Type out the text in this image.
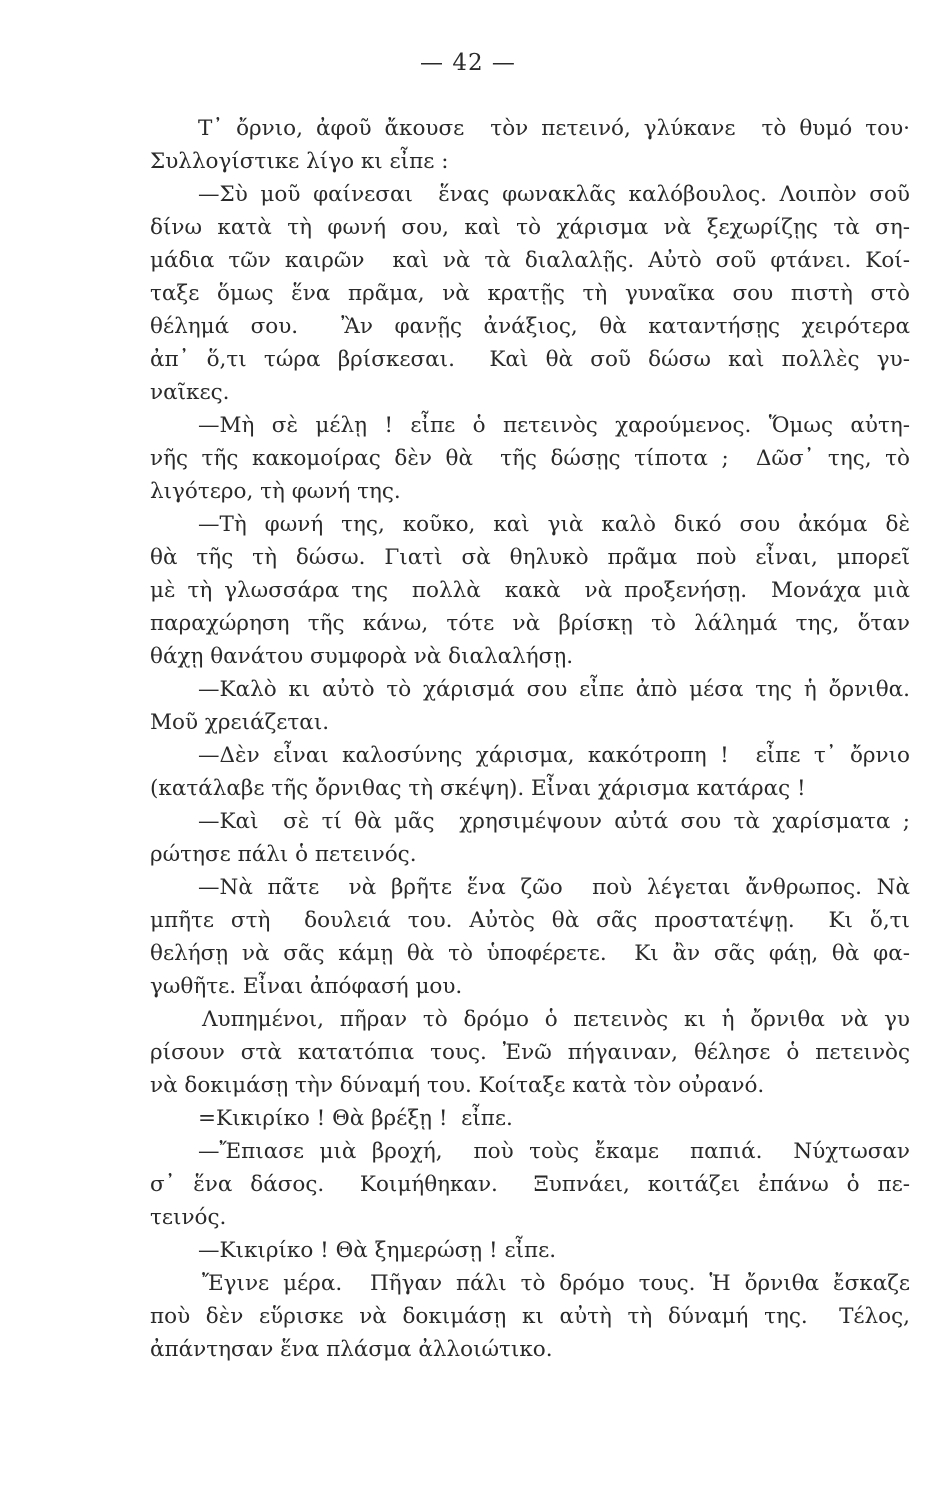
— 42 —
Τ᾿ ὄρνιο, ἀφοῦ ἄκουσε  τὸν πετεινό, γλύκανε  τὸ θυμό του·
Συλλογίστικε λίγο κι εἶπε :
—Σὺ μοῦ φαίνεσαι  ἕνας φωνακλᾶς καλόβουλος. Λοιπὸν σοῦ
δίνω κατὰ τὴ φωνή σου, καὶ τὸ χάρισμα νὰ ξεχωρίζῃς τὰ ση-
μάδια τῶν καιρῶν  καὶ νὰ τὰ διαλαλῇς. Αὐτὸ σοῦ φτάνει. Κοί-
ταξε ὅμως ἕνα πρᾶμα, νὰ κρατῇς τὴ γυναῖκα σου πιστὴ στὸ
θέλημά σου.  Ἂν φανῇς ἀνάξιος, θὰ καταντήσῃς χειρότερα
ἀπ᾿ ὅ,τι τώρα βρίσκεσαι.  Καὶ θὰ σοῦ δώσω καὶ πολλὲς γυ-
ναῖκες.
—Μὴ σὲ μέλῃ ! εἶπε ὁ πετεινὸς χαρούμενος. Ὅμως αὐτη-
νῆς τῆς κακομοίρας δὲν θὰ  τῆς δώσῃς τίποτα ;  Δῶσ᾿ της, τὸ
λιγότερο, τὴ φωνή της.
—Τὴ φωνή της, κοῦκο, καὶ γιὰ καλὸ δικό σου ἀκόμα δὲ
θὰ τῆς τὴ δώσω. Γιατὶ σὰ θηλυκὸ πρᾶμα ποὺ εἶναι, μπορεῖ
μὲ τὴ γλωσσάρα της  πολλὰ  κακὰ  νὰ προξενήσῃ.  Μονάχα μιὰ
παραχώρηση τῆς κάνω, τότε νὰ βρίσκῃ τὸ λάλημά της, ὅταν
θάχῃ θανάτου συμφορὰ νὰ διαλαλήσῃ.
—Καλὸ κι αὐτὸ τὸ χάρισμά σου εἶπε ἀπὸ μέσα της ἡ ὄρνιθα.
Μοῦ χρειάζεται.
—Δὲν εἶναι καλοσύνης χάρισμα, κακότροπη !  εἶπε τ᾿ ὄρνιο
(κατάλαβε τῆς ὄρνιθας τὴ σκέψη). Εἶναι χάρισμα κατάρας !
—Καὶ  σὲ τί θὰ μᾶς  χρησιμέψουν αὐτά σου τὰ χαρίσματα ;
ρώτησε πάλι ὁ πετεινός.
—Νὰ πᾶτε  νὰ βρῆτε ἕνα ζῶο  ποὺ λέγεται ἄνθρωπος. Νὰ
μπῆτε στὴ  δουλειά του. Αὐτὸς θὰ σᾶς προστατέψῃ.  Κι ὅ,τι
θελήσῃ νὰ σᾶς κάμῃ θὰ τὸ ὑποφέρετε.  Κι ἂν σᾶς φάῃ, θὰ φα-
γωθῆτε. Εἶναι ἀπόφασή μου.
Λυπημένοι, πῆραν τὸ δρόμο ὁ πετεινὸς κι ἡ ὄρνιθα νὰ γυ
ρίσουν στὰ κατατόπια τους. Ἐνῶ πήγαιναν, θέλησε ὁ πετεινὸς
νὰ δοκιμάσῃ τὴν δύναμή του. Κοίταξε κατὰ τὸν οὐρανό.
=Κικιρίκο ! Θὰ βρέξῃ !  εἶπε.
—Ἔπιασε μιὰ βροχή,  ποὺ τοὺς ἔκαμε  παπιά.  Νύχτωσαν
σ᾿ ἕνα δάσος.  Κοιμήθηκαν.  Ξυπνάει, κοιτάζει ἐπάνω ὁ πε-
τεινός.
—Κικιρίκο ! Θὰ ξημερώσῃ ! εἶπε.
Ἔγινε μέρα.  Πῆγαν πάλι τὸ δρόμο τους. Ἡ ὄρνιθα ἔσκαζε
ποὺ δὲν εὕρισκε νὰ δοκιμάσῃ κι αὐτὴ τὴ δύναμή της.  Τέλος,
ἀπάντησαν ἕνα πλάσμα ἀλλοιώτικο.
